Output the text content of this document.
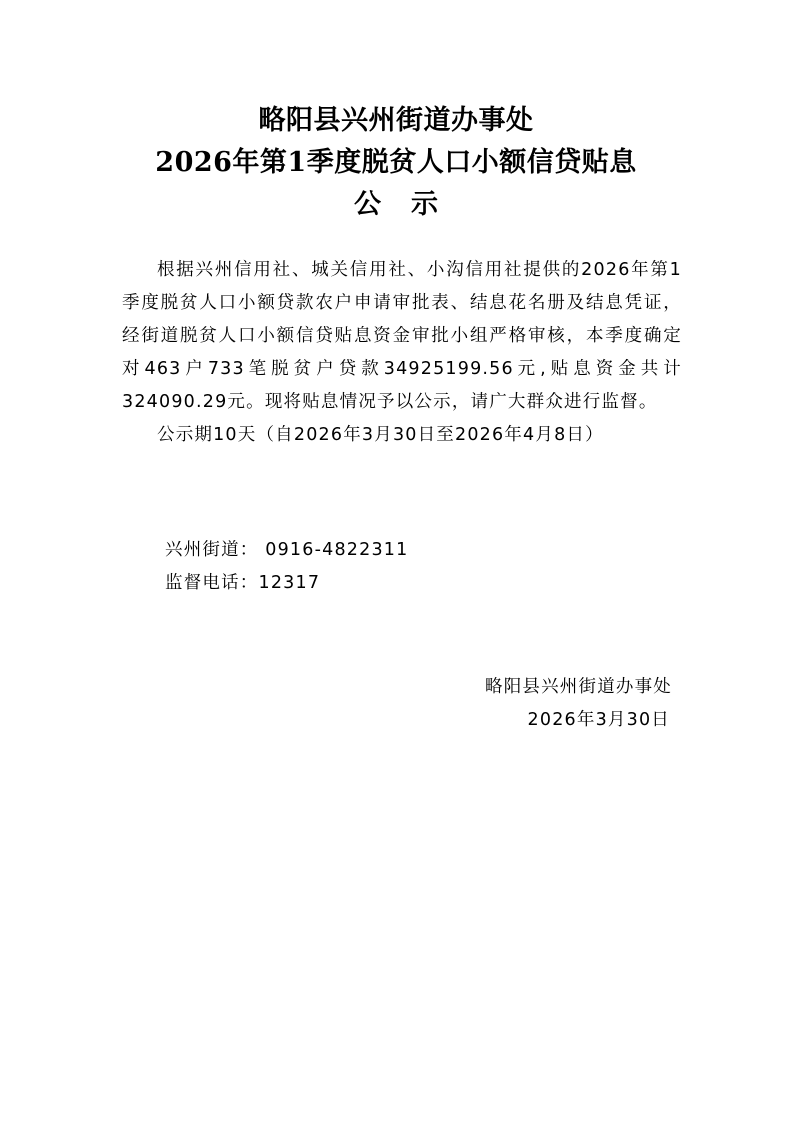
略阳县兴州街道办事处
2026年第1季度脱贫人口小额信贷贴息
公示

根据兴州信用社、城关信用社、小沟信用社提供的2026年第1季度脱贫人口小额贷款农户申请审批表、结息花名册及结息凭证，经街道脱贫人口小额信贷贴息资金审批小组严格审核，本季度确定对463户733笔脱贫户贷款34925199.56元,贴息资金共计324090.29元。现将贴息情况予以公示，请广大群众进行监督。

公示期10天（自2026年3月30日至2026年4月8日）

兴州街道： 0916-4822311
监督电话：12317
略阳县兴州街道办事处
2026年3月30日
